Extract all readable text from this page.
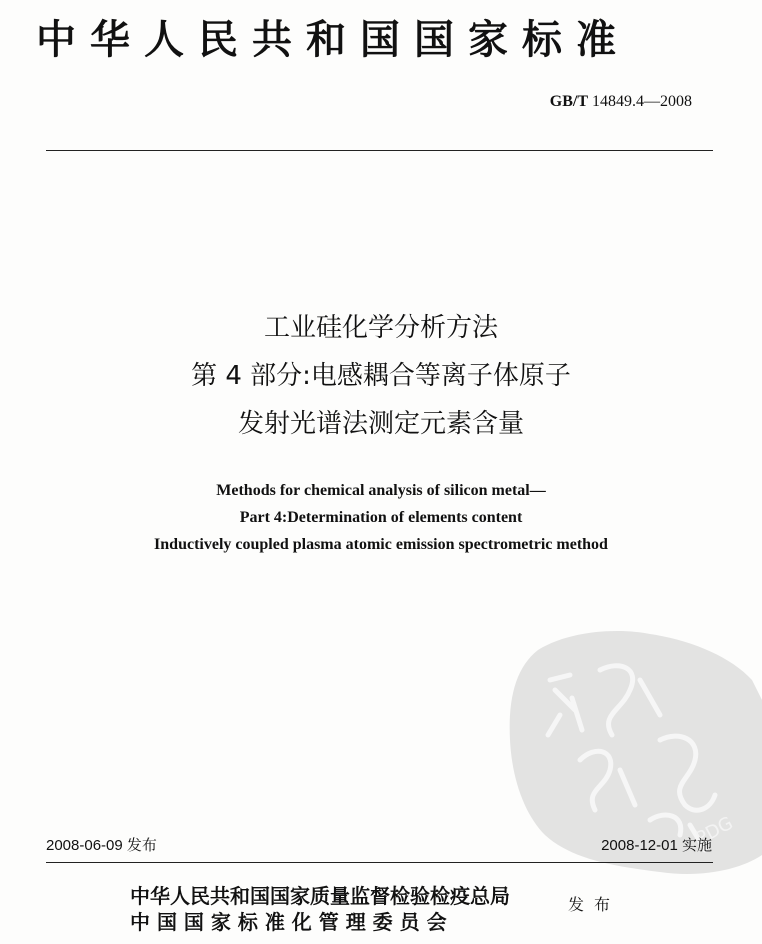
中华人民共和国国家标准
GB/T 14849.4—2008
工业硅化学分析方法
第 4 部分:电感耦合等离子体原子
发射光谱法测定元素含量
Methods for chemical analysis of silicon metal—
Part 4:Determination of elements content
Inductively coupled plasma atomic emission spectrometric method
PDG
2008-06-09 发布	2008-12-01 实施
中华人民共和国国家质量监督检验检疫总局
中 国 国 家 标 准 化 管 理 委 员 会
发布
